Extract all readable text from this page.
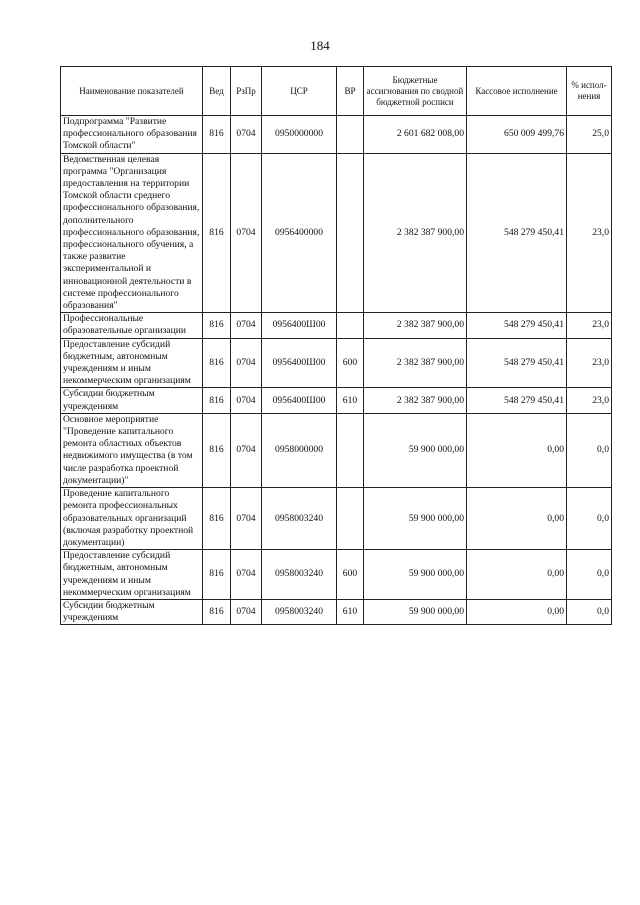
184
Наименование показателей	Вед	РзПр	ЦСР	ВР	Бюджетные ассигнования по сводной бюджетной росписи	Кассовое исполнение	% испол-нения
Подпрограмма "Развитие профессионального образования Томской области"	816	0704	0950000000		2 601 682 008,00	650 009 499,76	25,0
Ведомственная целевая программа "Организация предоставления на территории Томской области среднего профессионального образования, дополнительного профессионального образования, профессионального обучения, а также развитие экспериментальной и инновационной деятельности в системе профессионального образования"	816	0704	0956400000		2 382 387 900,00	548 279 450,41	23,0
Профессиональные образовательные организации	816	0704	0956400Ш00		2 382 387 900,00	548 279 450,41	23,0
Предоставление субсидий бюджетным, автономным учреждениям и иным некоммерческим организациям	816	0704	0956400Ш00	600	2 382 387 900,00	548 279 450,41	23,0
Субсидии бюджетным учреждениям	816	0704	0956400Ш00	610	2 382 387 900,00	548 279 450,41	23,0
Основное мероприятие "Проведение капитального ремонта областных объектов недвижимого имущества (в том числе разработка проектной документации)"	816	0704	0958000000		59 900 000,00	0,00	0,0
Проведение капитального ремонта профессиональных образовательных организаций (включая разработку проектной документации)	816	0704	0958003240		59 900 000,00	0,00	0,0
Предоставление субсидий бюджетным, автономным учреждениям и иным некоммерческим организациям	816	0704	0958003240	600	59 900 000,00	0,00	0,0
Субсидии бюджетным учреждениям	816	0704	0958003240	610	59 900 000,00	0,00	0,0
